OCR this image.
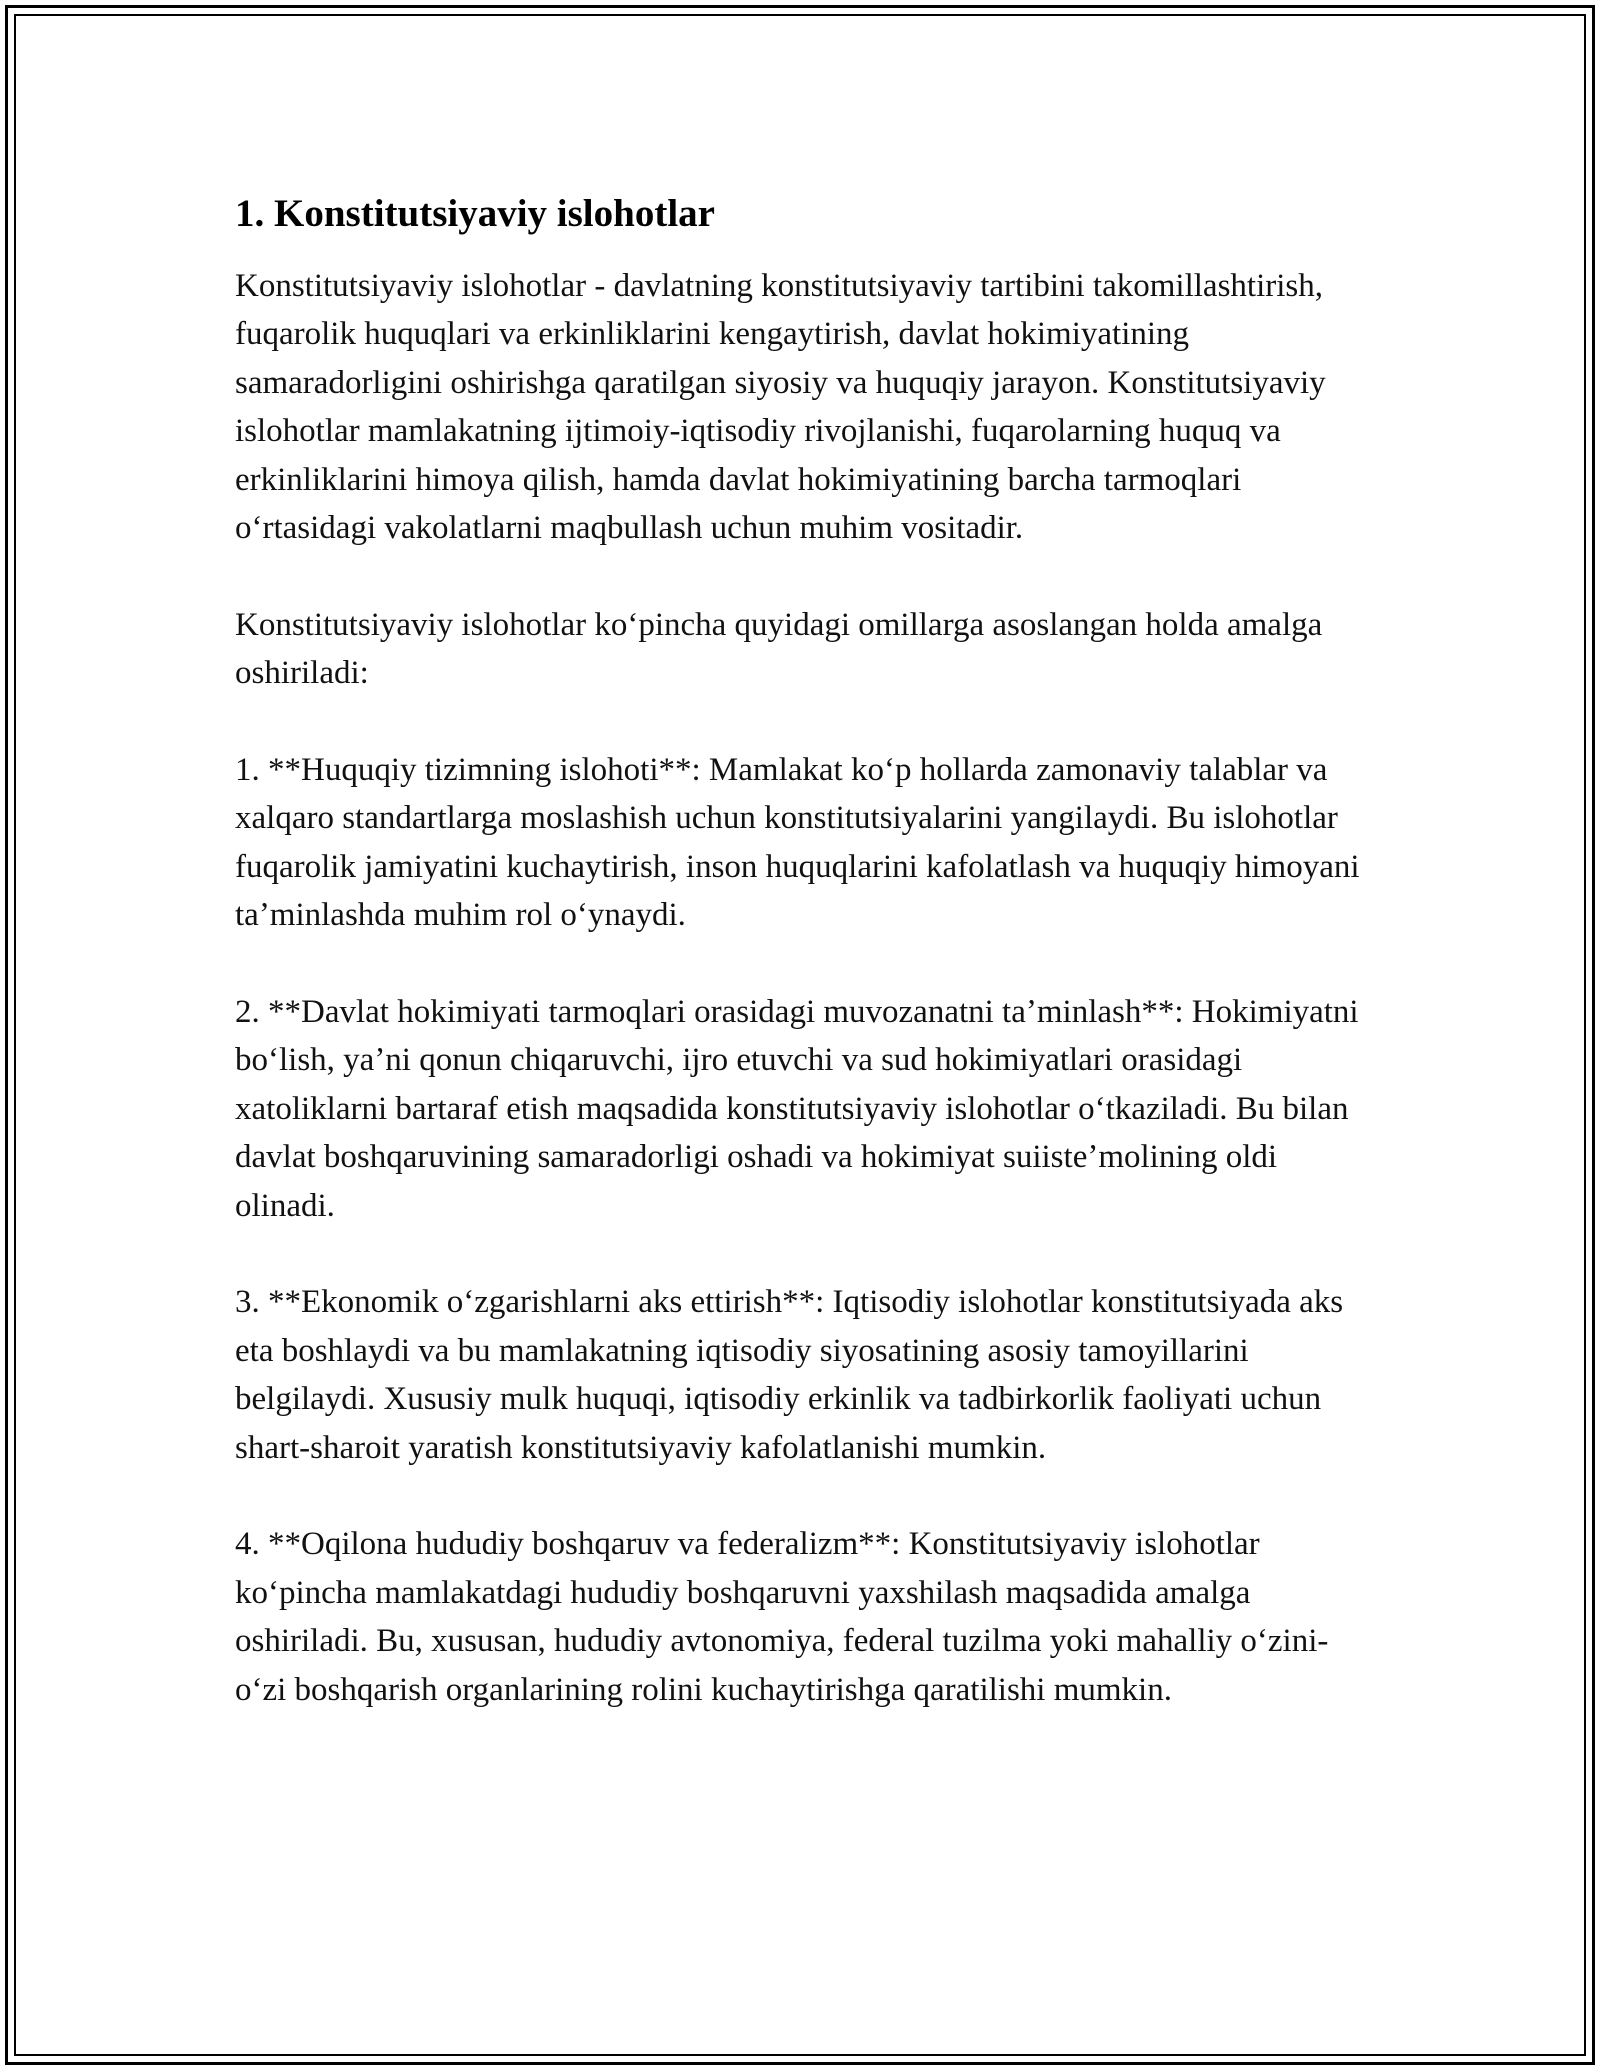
1. Konstitutsiyaviy islohotlar

Konstitutsiyaviy islohotlar - davlatning konstitutsiyaviy tartibini takomillashtirish, fuqarolik huquqlari va erkinliklarini kengaytirish, davlat hokimiyatining samaradorligini oshirishga qaratilgan siyosiy va huquqiy jarayon. Konstitutsiyaviy islohotlar mamlakatning ijtimoiy-iqtisodiy rivojlanishi, fuqarolarning huquq va erkinliklarini himoya qilish, hamda davlat hokimiyatining barcha tarmoqlari oʻrtasidagi vakolatlarni maqbullash uchun muhim vositadir.

Konstitutsiyaviy islohotlar koʻpincha quyidagi omillarga asoslangan holda amalga oshiriladi:

1. **Huquqiy tizimning islohoti**: Mamlakat koʻp hollarda zamonaviy talablar va xalqaro standartlarga moslashish uchun konstitutsiyalarini yangilaydi. Bu islohotlar fuqarolik jamiyatini kuchaytirish, inson huquqlarini kafolatlash va huquqiy himoyani taʼminlashda muhim rol oʻynaydi.

2. **Davlat hokimiyati tarmoqlari orasidagi muvozanatni taʼminlash**: Hokimiyatni boʻlish, yaʼni qonun chiqaruvchi, ijro etuvchi va sud hokimiyatlari orasidagi xatoliklarni bartaraf etish maqsadida konstitutsiyaviy islohotlar oʻtkaziladi. Bu bilan davlat boshqaruvining samaradorligi oshadi va hokimiyat suiisteʼmolining oldi olinadi.

3. **Ekonomik oʻzgarishlarni aks ettirish**: Iqtisodiy islohotlar konstitutsiyada aks eta boshlaydi va bu mamlakatning iqtisodiy siyosatining asosiy tamoyillarini belgilaydi. Xususiy mulk huquqi, iqtisodiy erkinlik va tadbirkorlik faoliyati uchun shart-sharoit yaratish konstitutsiyaviy kafolatlanishi mumkin.

4. **Oqilona hududiy boshqaruv va federalizm**: Konstitutsiyaviy islohotlar koʻpincha mamlakatdagi hududiy boshqaruvni yaxshilash maqsadida amalga oshiriladi. Bu, xususan, hududiy avtonomiya, federal tuzilma yoki mahalliy oʻzini-oʻzi boshqarish organlarining rolini kuchaytirishga qaratilishi mumkin.
